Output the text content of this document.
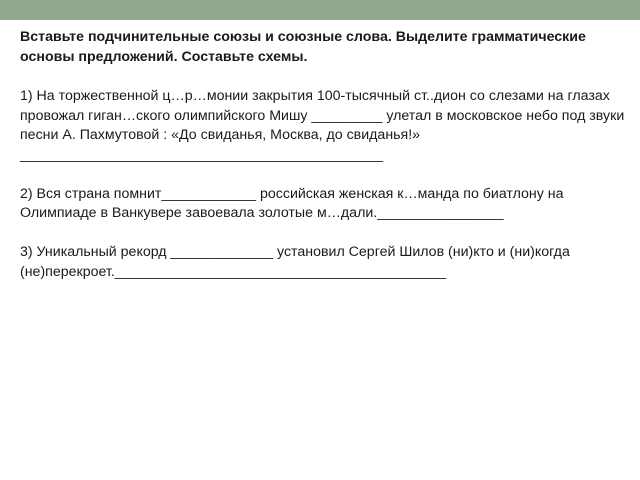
Вставьте подчинительные союзы и союзные слова. Выделите грамматические основы предложений. Составьте схемы.
1) На торжественной ц…р…монии закрытия 100-тысячный ст..дион со слезами на глазах провожал гиган…ского олимпийского Мишу _________ улетал в московское небо под звуки песни А. Пахмутовой : «До свиданья, Москва, до свиданья!» ______________________________________________
2) Вся страна помнит____________ российская женская к…манда по биатлону на Олимпиаде в Ванкувере завоевала золотые м…дали.________________
3) Уникальный рекорд _____________ установил Сергей Шилов (ни)кто и (ни)когда (не)перекроет.__________________________________________
